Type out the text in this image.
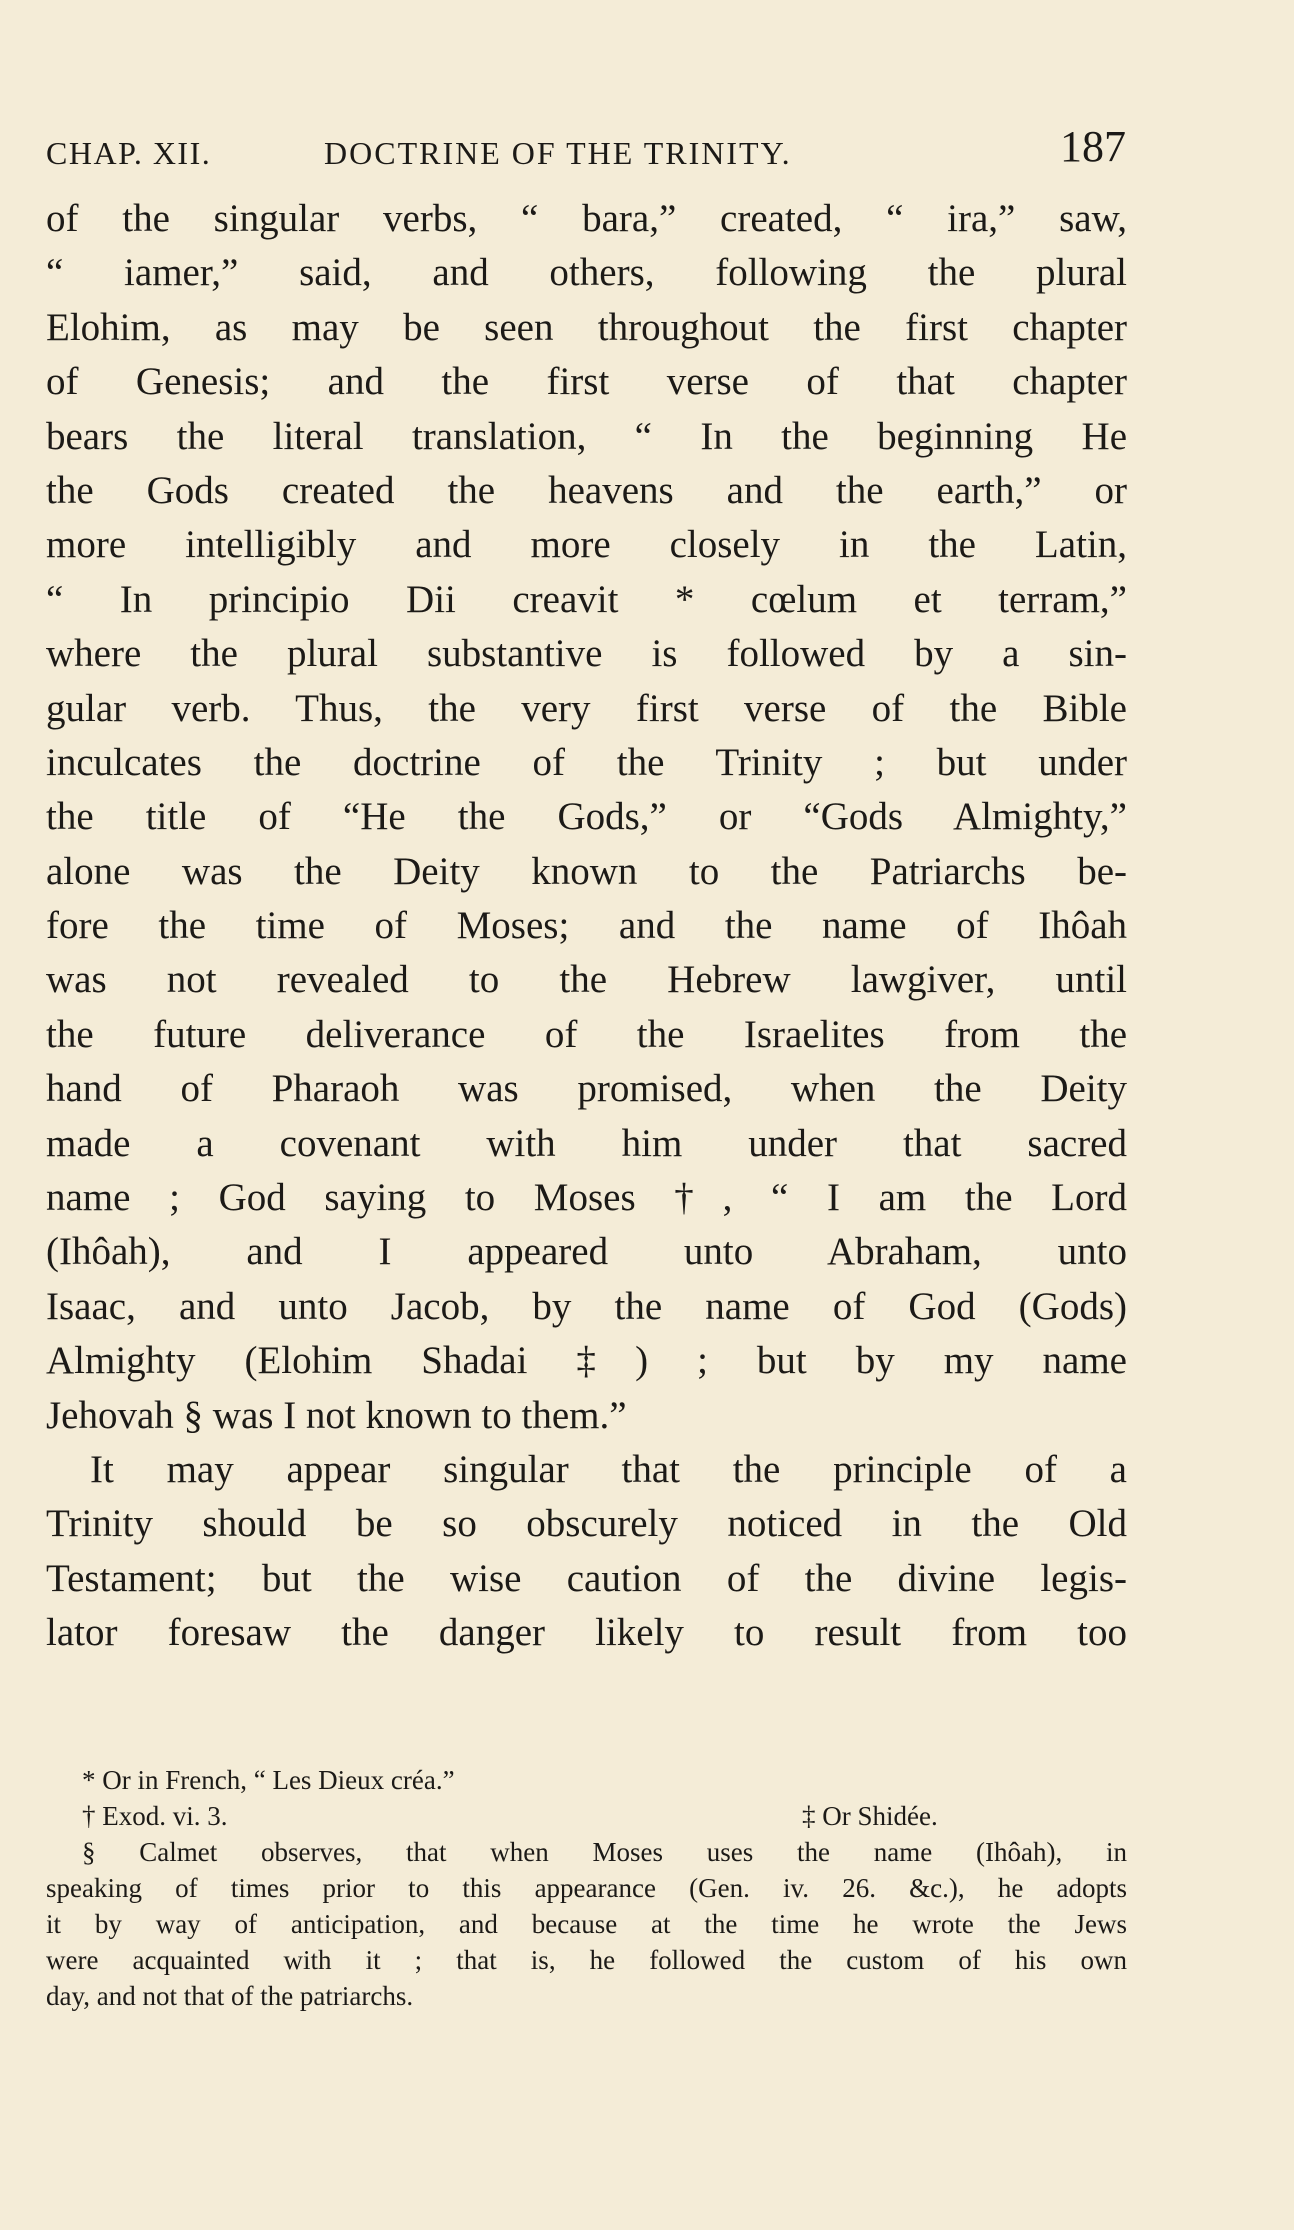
CHAP. XII.	DOCTRINE OF THE TRINITY.	187
of the singular verbs, “ bara,” created, “ ira,” saw,
“ iamer,” said, and others, following the plural
Elohim, as may be seen throughout the first chapter
of Genesis; and the first verse of that chapter
bears the literal translation, “ In the beginning He
the Gods created the heavens and the earth,” or
more intelligibly and more closely in the Latin,
“ In principio Dii creavit * cœlum et terram,”
where the plural substantive is followed by a sin-
gular verb. Thus, the very first verse of the Bible
inculcates the doctrine of the Trinity ; but under
the title of “He the Gods,” or “Gods Almighty,”
alone was the Deity known to the Patriarchs be-
fore the time of Moses; and the name of Ihôah
was not revealed to the Hebrew lawgiver, until
the future deliverance of the Israelites from the
hand of Pharaoh was promised, when the Deity
made a covenant with him under that sacred
name ; God saying to Moses †, “ I am the Lord
(Ihôah), and I appeared unto Abraham, unto
Isaac, and unto Jacob, by the name of God (Gods)
Almighty (Elohim Shadai ‡) ; but by my name
Jehovah § was I not known to them.”
It may appear singular that the principle of a
Trinity should be so obscurely noticed in the Old
Testament; but the wise caution of the divine legis-
lator foresaw the danger likely to result from too
* Or in French, “ Les Dieux créa.”
† Exod. vi. 3.	‡ Or Shidée.
§ Calmet observes, that when Moses uses the name (Ihôah), in
speaking of times prior to this appearance (Gen. iv. 26. &c.), he adopts
it by way of anticipation, and because at the time he wrote the Jews
were acquainted with it ; that is, he followed the custom of his own
day, and not that of the patriarchs.
